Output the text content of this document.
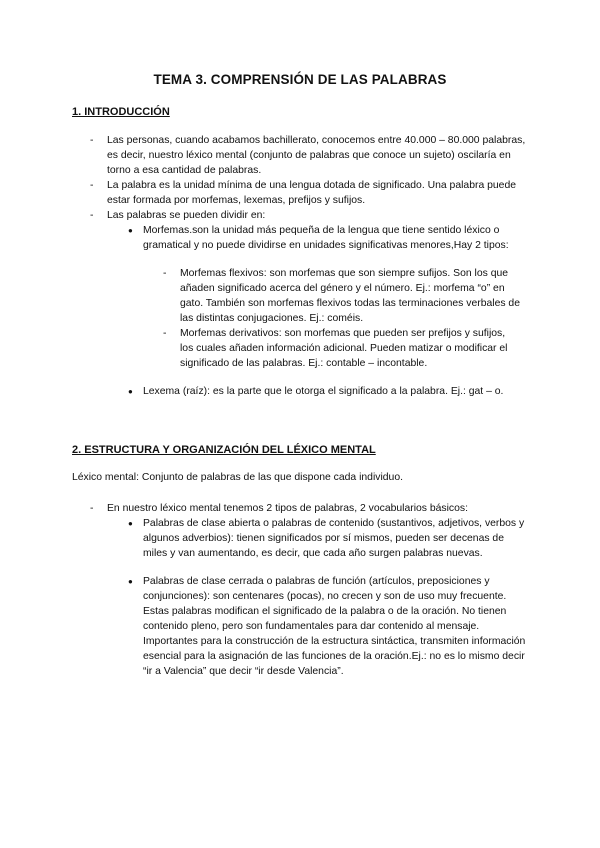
TEMA 3. COMPRENSIÓN DE LAS PALABRAS
1. INTRODUCCIÓN
- Las personas, cuando acabamos bachillerato, conocemos entre 40.000 – 80.000 palabras, es decir, nuestro léxico mental (conjunto de palabras que conoce un sujeto) oscilaría en torno a esa cantidad de palabras.
- La palabra es la unidad mínima de una lengua dotada de significado. Una palabra puede estar formada por morfemas, lexemas, prefijos y sufijos.
- Las palabras se pueden dividir en:
● Morfemas.son la unidad más pequeña de la lengua que tiene sentido léxico o gramatical y no puede dividirse en unidades significativas menores,Hay 2 tipos:
- Morfemas flexivos: son morfemas que son siempre sufijos. Son los que añaden significado acerca del género y el número. Ej.: morfema “o” en gato. También son morfemas flexivos todas las terminaciones verbales de las distintas conjugaciones. Ej.: coméis.
- Morfemas derivativos: son morfemas que pueden ser prefijos y sufijos, los cuales añaden información adicional. Pueden matizar o modificar el significado de las palabras. Ej.: contable – incontable.
● Lexema (raíz): es la parte que le otorga el significado a la palabra. Ej.: gat – o.
2. ESTRUCTURA Y ORGANIZACIÓN DEL LÉXICO MENTAL
Léxico mental: Conjunto de palabras de las que dispone cada individuo.
- En nuestro léxico mental tenemos 2 tipos de palabras, 2 vocabularios básicos:
● Palabras de clase abierta o palabras de contenido (sustantivos, adjetivos, verbos y algunos adverbios): tienen significados por sí mismos, pueden ser decenas de miles y van aumentando, es decir, que cada año surgen palabras nuevas.
● Palabras de clase cerrada o palabras de función (artículos, preposiciones y conjunciones): son centenares (pocas), no crecen y son de uso muy frecuente. Estas palabras modifican el significado de la palabra o de la oración. No tienen contenido pleno, pero son fundamentales para dar contenido al mensaje. Importantes para la construcción de la estructura sintáctica, transmiten información esencial para la asignación de las funciones de la oración.Ej.: no es lo mismo decir “ir a Valencia” que decir “ir desde Valencia”.
